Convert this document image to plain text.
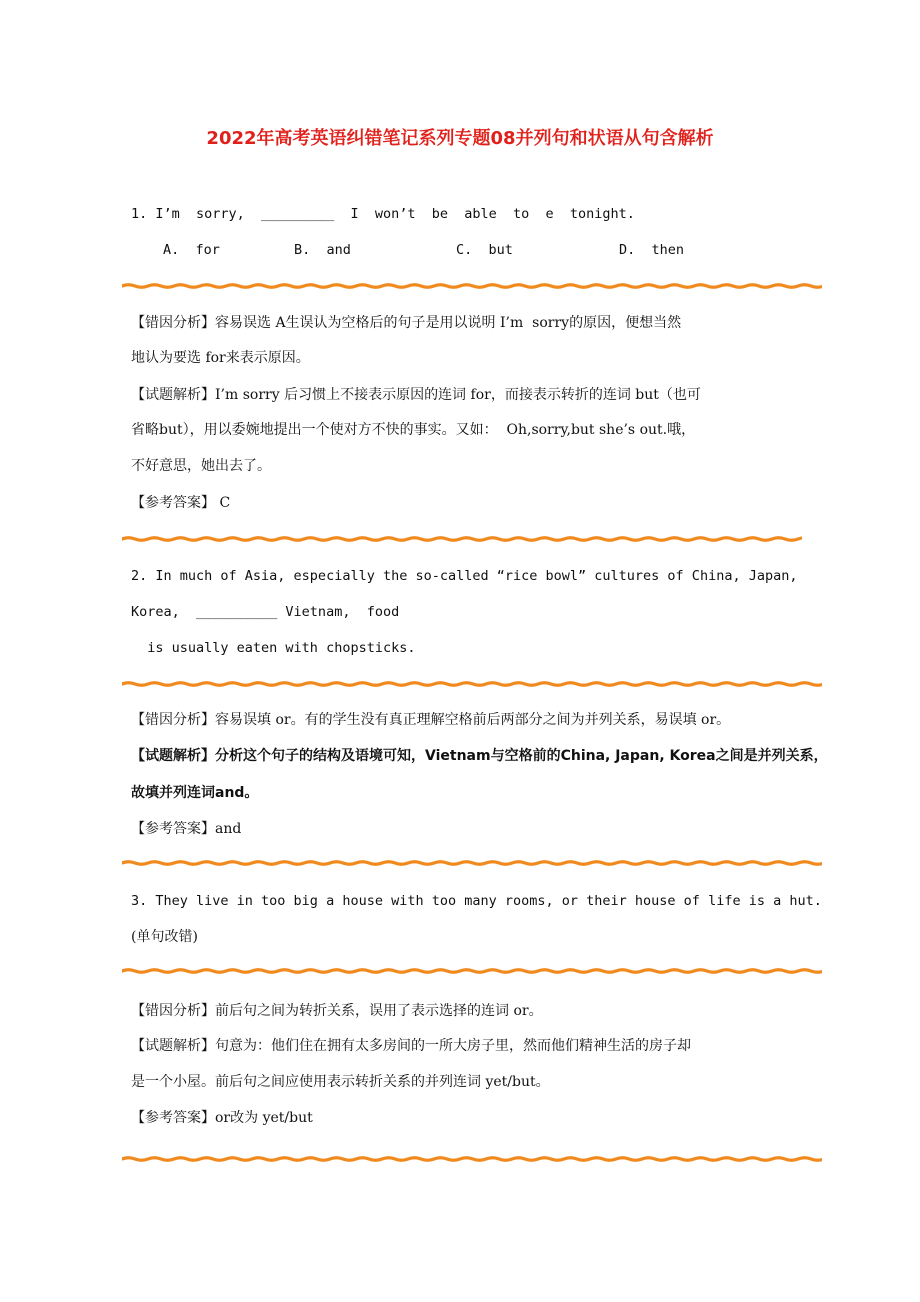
2022年高考英语纠错笔记系列专题08并列句和状语从句含解析
1. I’m  sorry,  _________  I  won’t  be  able  to  e  tonight.
A.  for	B.  and	C.  but	D.  then
【错因分析】容易误选 A生误认为空格后的句子是用以说明 I’m  sorry的原因，便想当然
地认为要选 for来表示原因。
【试题解析】I’m sorry 后习惯上不接表示原因的连词 for，而接表示转折的连词 but（也可
省略but），用以委婉地提出一个使对方不快的事实。又如：  Oh,sorry,but she’s out.哦，
不好意思，她出去了。
【参考答案】 C
2. In much of Asia, especially the so-called “rice bowl” cultures of China, Japan,
Korea,  __________ Vietnam,  food
is usually eaten with chopsticks.
【错因分析】容易误填 or。有的学生没有真正理解空格前后两部分之间为并列关系，易误填 or。
【试题解析】分析这个句子的结构及语境可知，Vietnam与空格前的China, Japan, Korea之间是并列关系，
故填并列连词and。
【参考答案】and
3. They live in too big a house with too many rooms, or their house of life is a hut.
(单句改错)
【错因分析】前后句之间为转折关系，误用了表示选择的连词 or。
【试题解析】句意为：他们住在拥有太多房间的一所大房子里，然而他们精神生活的房子却
是一个小屋。前后句之间应使用表示转折关系的并列连词 yet/but。
【参考答案】or改为 yet/but
